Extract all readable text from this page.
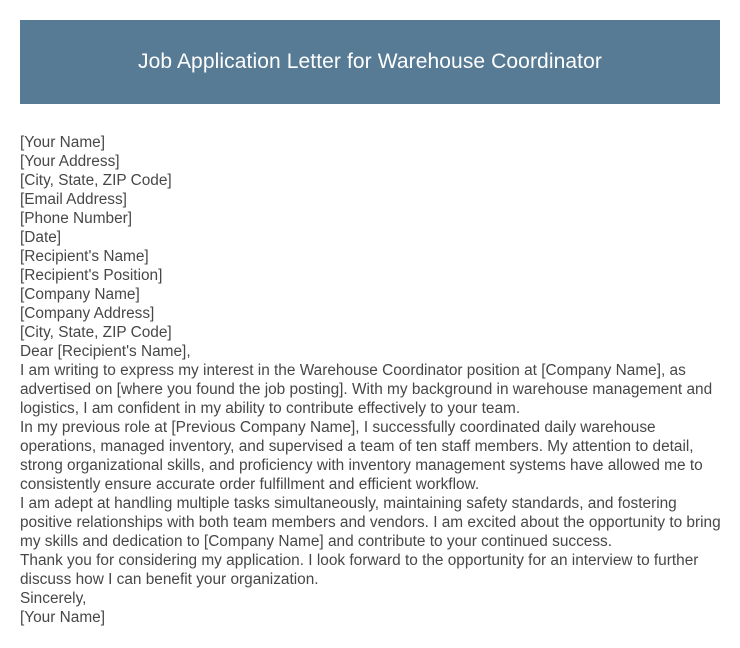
Job Application Letter for Warehouse Coordinator
[Your Name]
[Your Address]
[City, State, ZIP Code]
[Email Address]
[Phone Number]
[Date]
[Recipient's Name]
[Recipient's Position]
[Company Name]
[Company Address]
[City, State, ZIP Code]
Dear [Recipient's Name],

I am writing to express my interest in the Warehouse Coordinator position at [Company Name], as advertised on [where you found the job posting]. With my background in warehouse management and logistics, I am confident in my ability to contribute effectively to your team.

In my previous role at [Previous Company Name], I successfully coordinated daily warehouse operations, managed inventory, and supervised a team of ten staff members. My attention to detail, strong organizational skills, and proficiency with inventory management systems have allowed me to consistently ensure accurate order fulfillment and efficient workflow.

I am adept at handling multiple tasks simultaneously, maintaining safety standards, and fostering positive relationships with both team members and vendors. I am excited about the opportunity to bring my skills and dedication to [Company Name] and contribute to your continued success.

Thank you for considering my application. I look forward to the opportunity for an interview to further discuss how I can benefit your organization.

Sincerely,
[Your Name]
